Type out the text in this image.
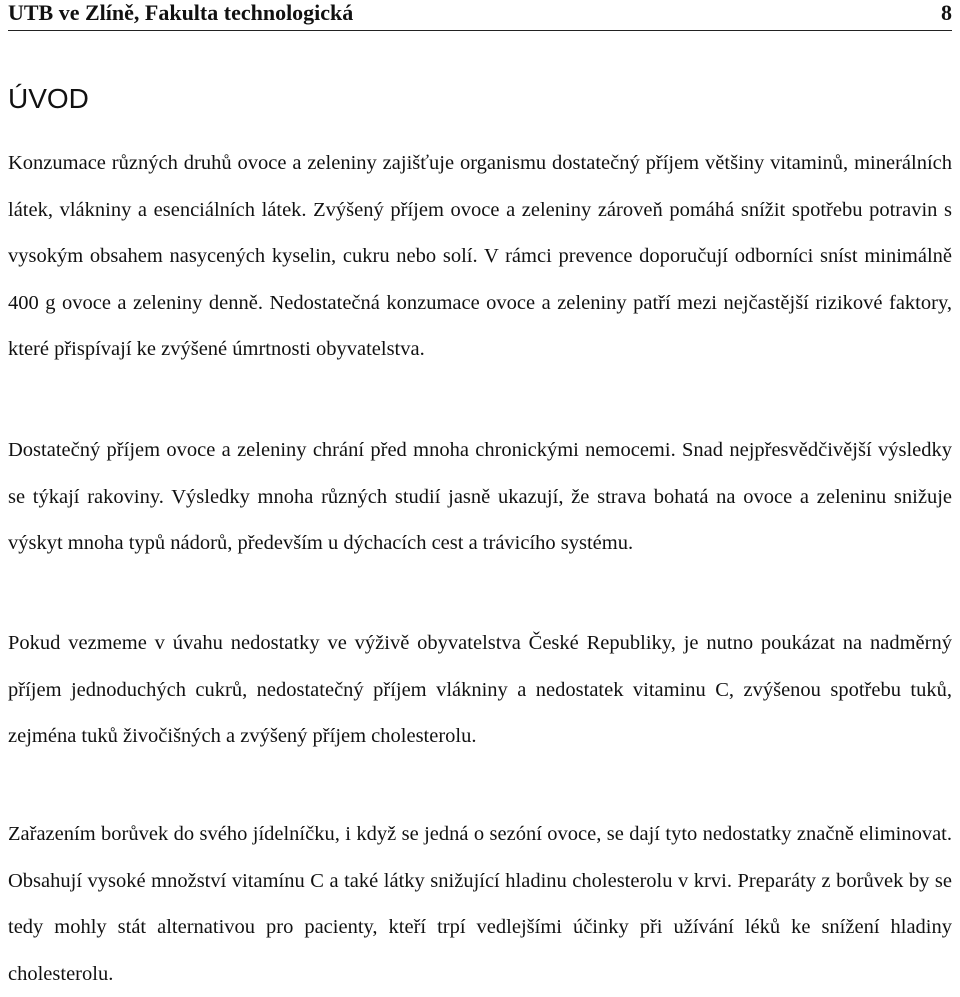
UTB ve Zlíně, Fakulta technologická	8
ÚVOD

Konzumace různých druhů ovoce a zeleniny zajišťuje organismu dostatečný příjem většiny vitaminů, minerálních látek, vlákniny a esenciálních látek. Zvýšený příjem ovoce a zeleniny zároveň pomáhá snížit spotřebu potravin s vysokým obsahem nasycených kyselin, cukru nebo solí. V rámci prevence doporučují odborníci sníst minimálně 400 g ovoce a zeleniny denně. Nedostatečná konzumace ovoce a zeleniny patří mezi nejčastější rizikové faktory, které přispívají ke zvýšené úmrtnosti obyvatelstva.

Dostatečný příjem ovoce a zeleniny chrání před mnoha chronickými nemocemi. Snad nejpřesvědčivější výsledky se týkají rakoviny. Výsledky mnoha různých studií jasně ukazují, že strava bohatá na ovoce a zeleninu snižuje výskyt mnoha typů nádorů, především u dýchacích cest a trávicího systému.

Pokud vezmeme v úvahu nedostatky ve výživě obyvatelstva České Republiky, je nutno poukázat na nadměrný příjem jednoduchých cukrů, nedostatečný příjem vlákniny a nedostatek vitaminu C, zvýšenou spotřebu tuků, zejména tuků živočišných a zvýšený příjem cholesterolu.

Zařazením borůvek do svého jídelníčku, i když se jedná o sezóní ovoce, se dají tyto nedostatky značně eliminovat. Obsahují vysoké množství vitamínu C a také látky snižující hladinu cholesterolu v krvi. Preparáty z borůvek by se tedy mohly stát alternativou pro pacienty, kteří trpí vedlejšími účinky při užívání léků ke snížení hladiny cholesterolu.
